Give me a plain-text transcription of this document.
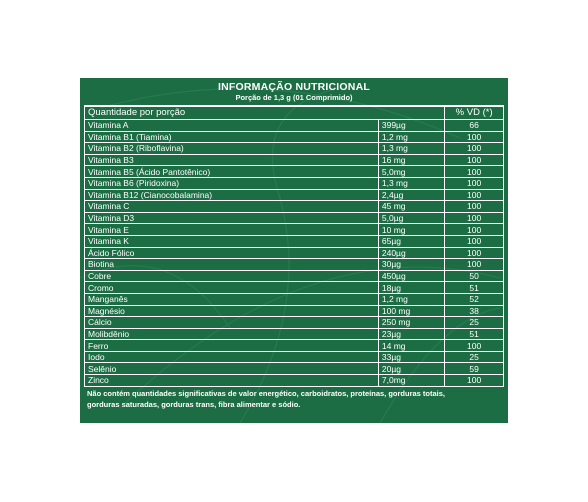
INFORMAÇÃO NUTRICIONAL
Porção de 1,3 g (01 Comprimido)
Quantidade por porção		% VD (*)
Vitamina A	399µg	66
Vitamina B1 (Tiamina)	1,2 mg	100
Vitamina B2 (Riboflavina)	1,3 mg	100
Vitamina B3	16 mg	100
Vitamina B5 (Ácido Pantotênico)	5,0mg	100
Vitamina B6 (Piridoxina)	1,3 mg	100
Vitamina B12 (Cianocobalamina)	2,4µg	100
Vitamina C	45 mg	100
Vitamina D3	5,0µg	100
Vitamina E	10 mg	100
Vitamina K	65µg	100
Ácido Fólico	240µg	100
Biotina	30µg	100
Cobre	450µg	50
Cromo	18µg	51
Manganês	1,2 mg	52
Magnésio	100 mg	38
Cálcio	250 mg	25
Molibdênio	23µg	51
Ferro	14 mg	100
Iodo	33µg	25
Selênio	20µg	59
Zinco	7,0mg	100
Não contém quantidades significativas de valor energético, carboidratos, proteínas, gorduras totais,
gorduras saturadas, gorduras trans, fibra alimentar e sódio.
